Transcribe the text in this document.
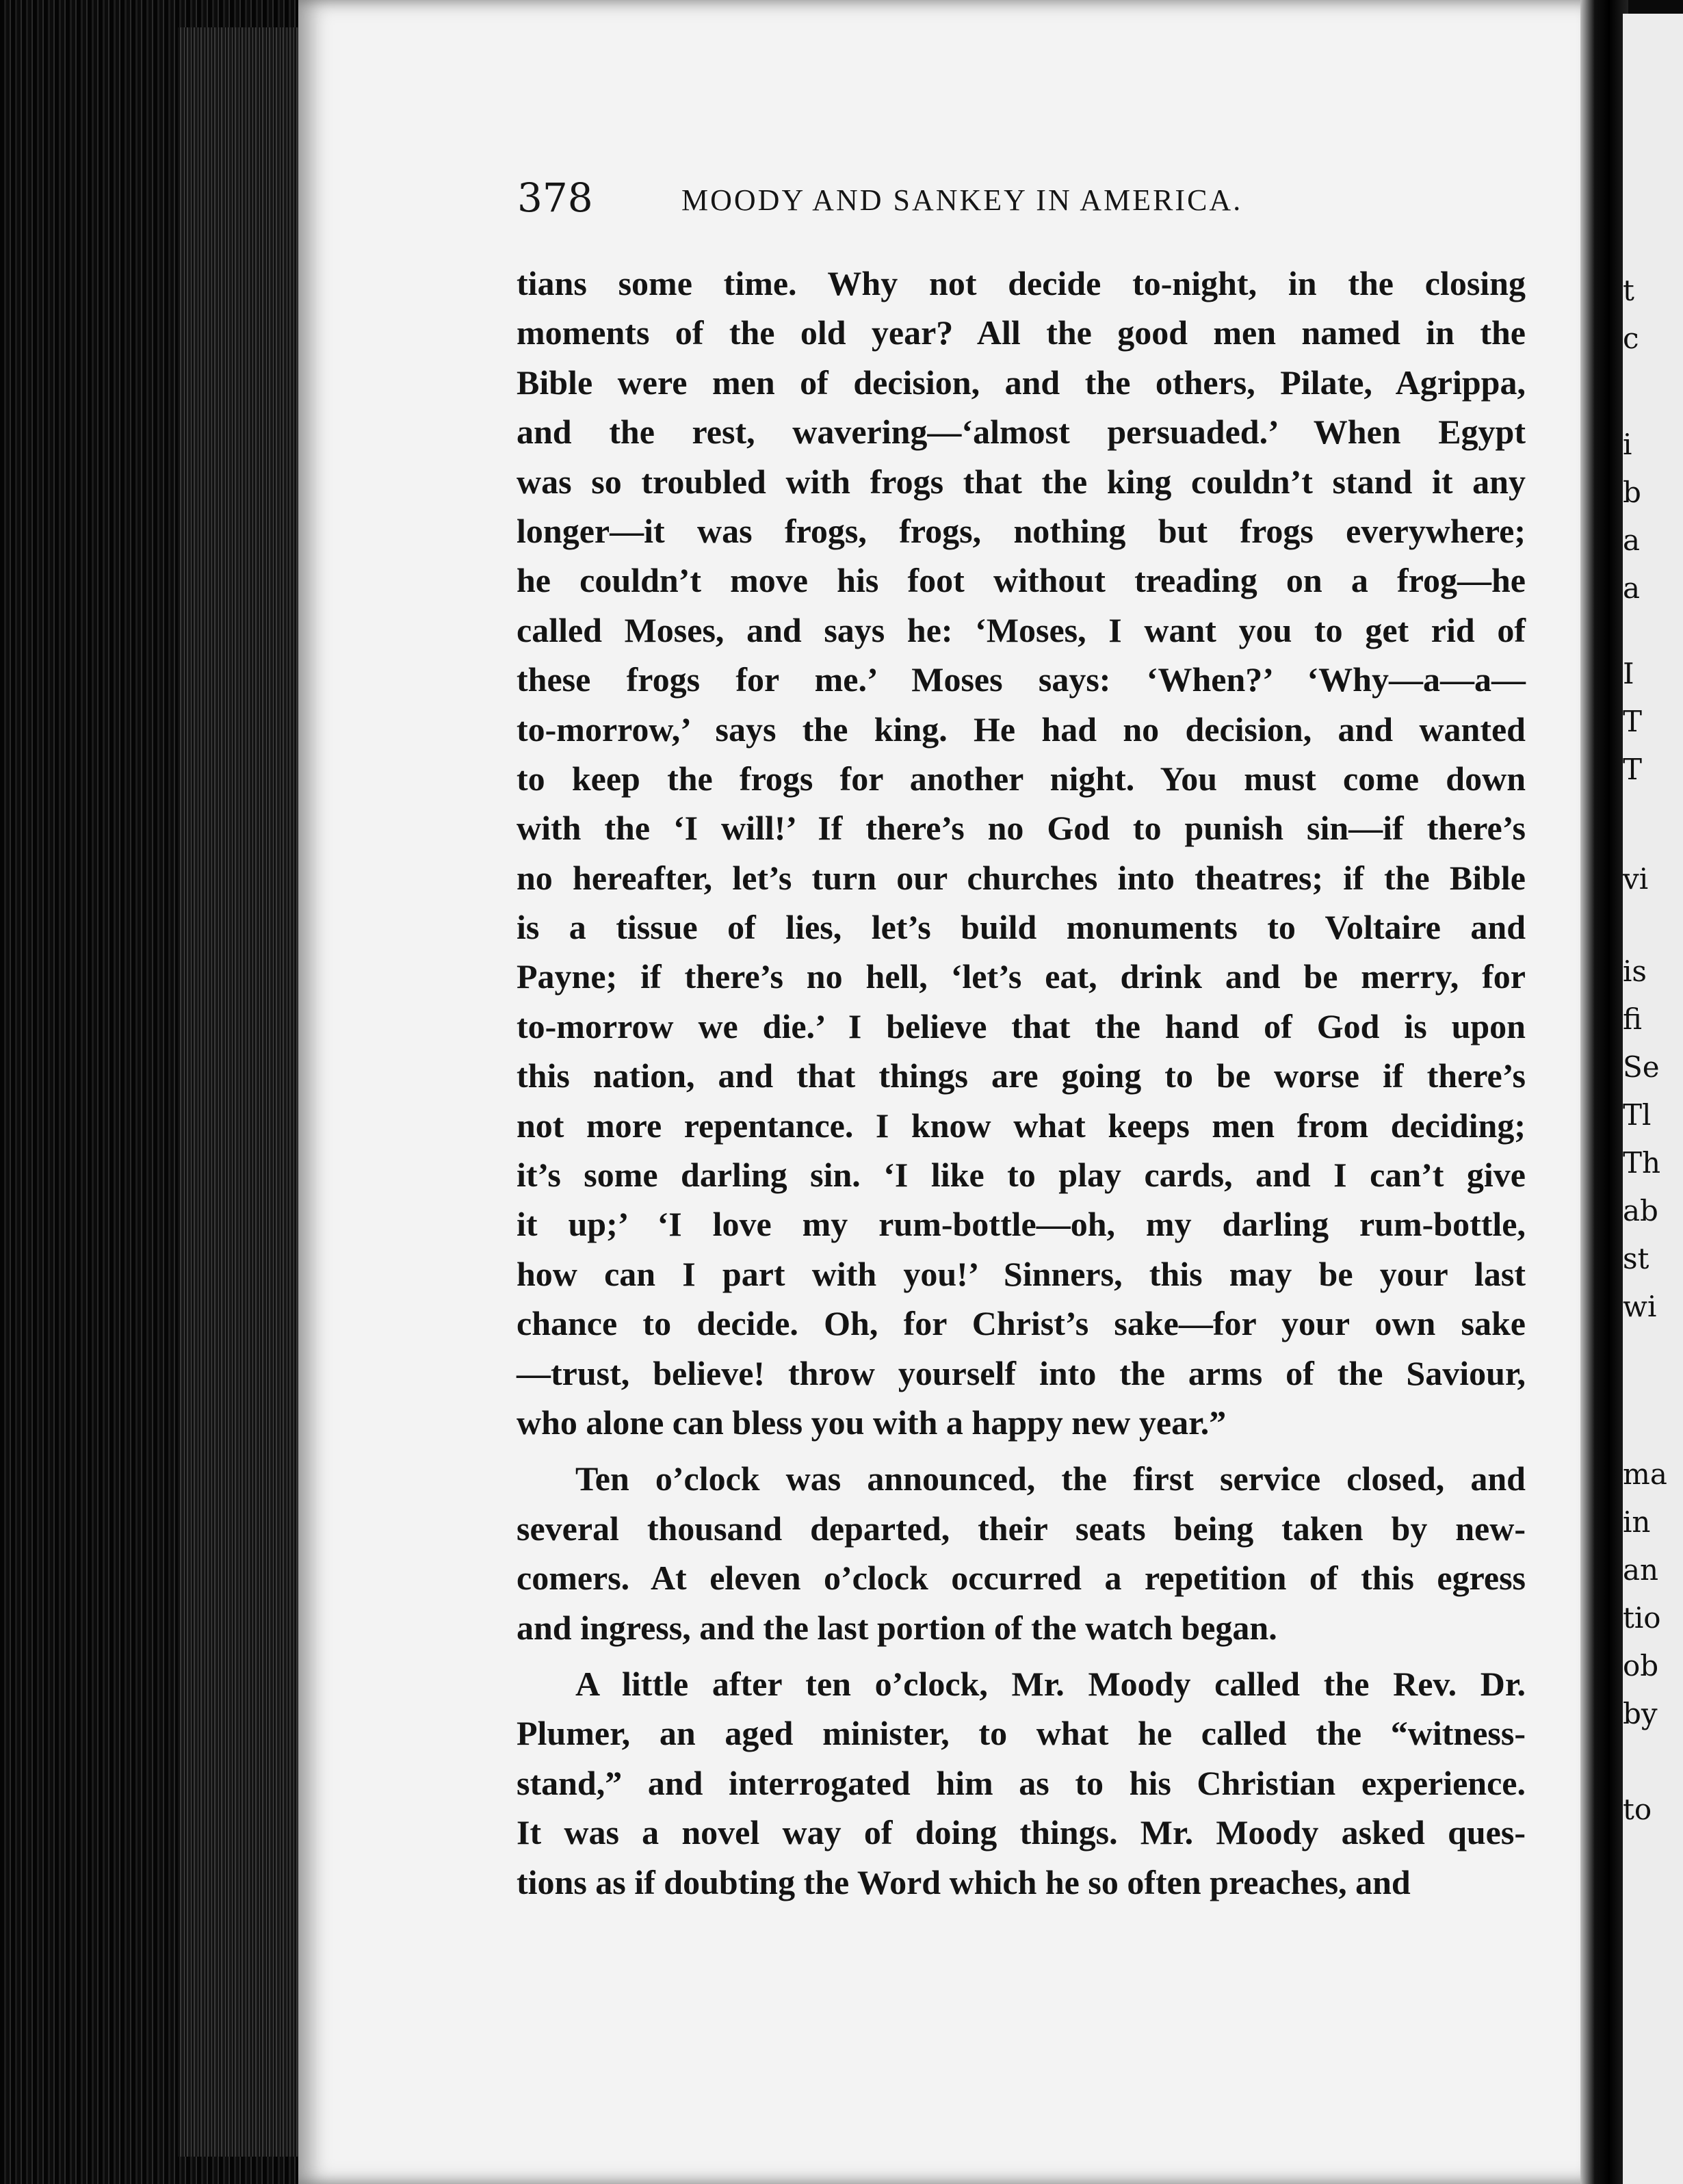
t
c
i
b
a
a
I
T
T
vi
is
fi
Se
Tl
Th
ab
st
wi
ma
in
an
tio
ob
by
to
378	MOODY AND SANKEY IN AMERICA.
tians some time. Why not decide to-night, in the closing
moments of the old year? All the good men named in the
Bible were men of decision, and the others, Pilate, Agrippa,
and the rest, wavering—‘almost persuaded.’ When Egypt
was so troubled with frogs that the king couldn’t stand it any
longer—it was frogs, frogs, nothing but frogs everywhere;
he couldn’t move his foot without treading on a frog—he
called Moses, and says he: ‘Moses, I want you to get rid of
these frogs for me.’ Moses says: ‘When?’ ‘Why—a—a—
to-morrow,’ says the king. He had no decision, and wanted
to keep the frogs for another night. You must come down
with the ‘I will!’ If there’s no God to punish sin—if there’s
no hereafter, let’s turn our churches into theatres; if the Bible
is a tissue of lies, let’s build monuments to Voltaire and
Payne; if there’s no hell, ‘let’s eat, drink and be merry, for
to-morrow we die.’ I believe that the hand of God is upon
this nation, and that things are going to be worse if there’s
not more repentance. I know what keeps men from deciding;
it’s some darling sin. ‘I like to play cards, and I can’t give
it up;’ ‘I love my rum-bottle—oh, my darling rum-bottle,
how can I part with you!’ Sinners, this may be your last
chance to decide. Oh, for Christ’s sake—for your own sake
—trust, believe! throw yourself into the arms of the Saviour,
who alone can bless you with a happy new year.”
Ten o’clock was announced, the first service closed, and
several thousand departed, their seats being taken by new-
comers. At eleven o’clock occurred a repetition of this egress
and ingress, and the last portion of the watch began.
A little after ten o’clock, Mr. Moody called the Rev. Dr.
Plumer, an aged minister, to what he called the “witness-
stand,” and interrogated him as to his Christian experience.
It was a novel way of doing things. Mr. Moody asked ques-
tions as if doubting the Word which he so often preaches, and
